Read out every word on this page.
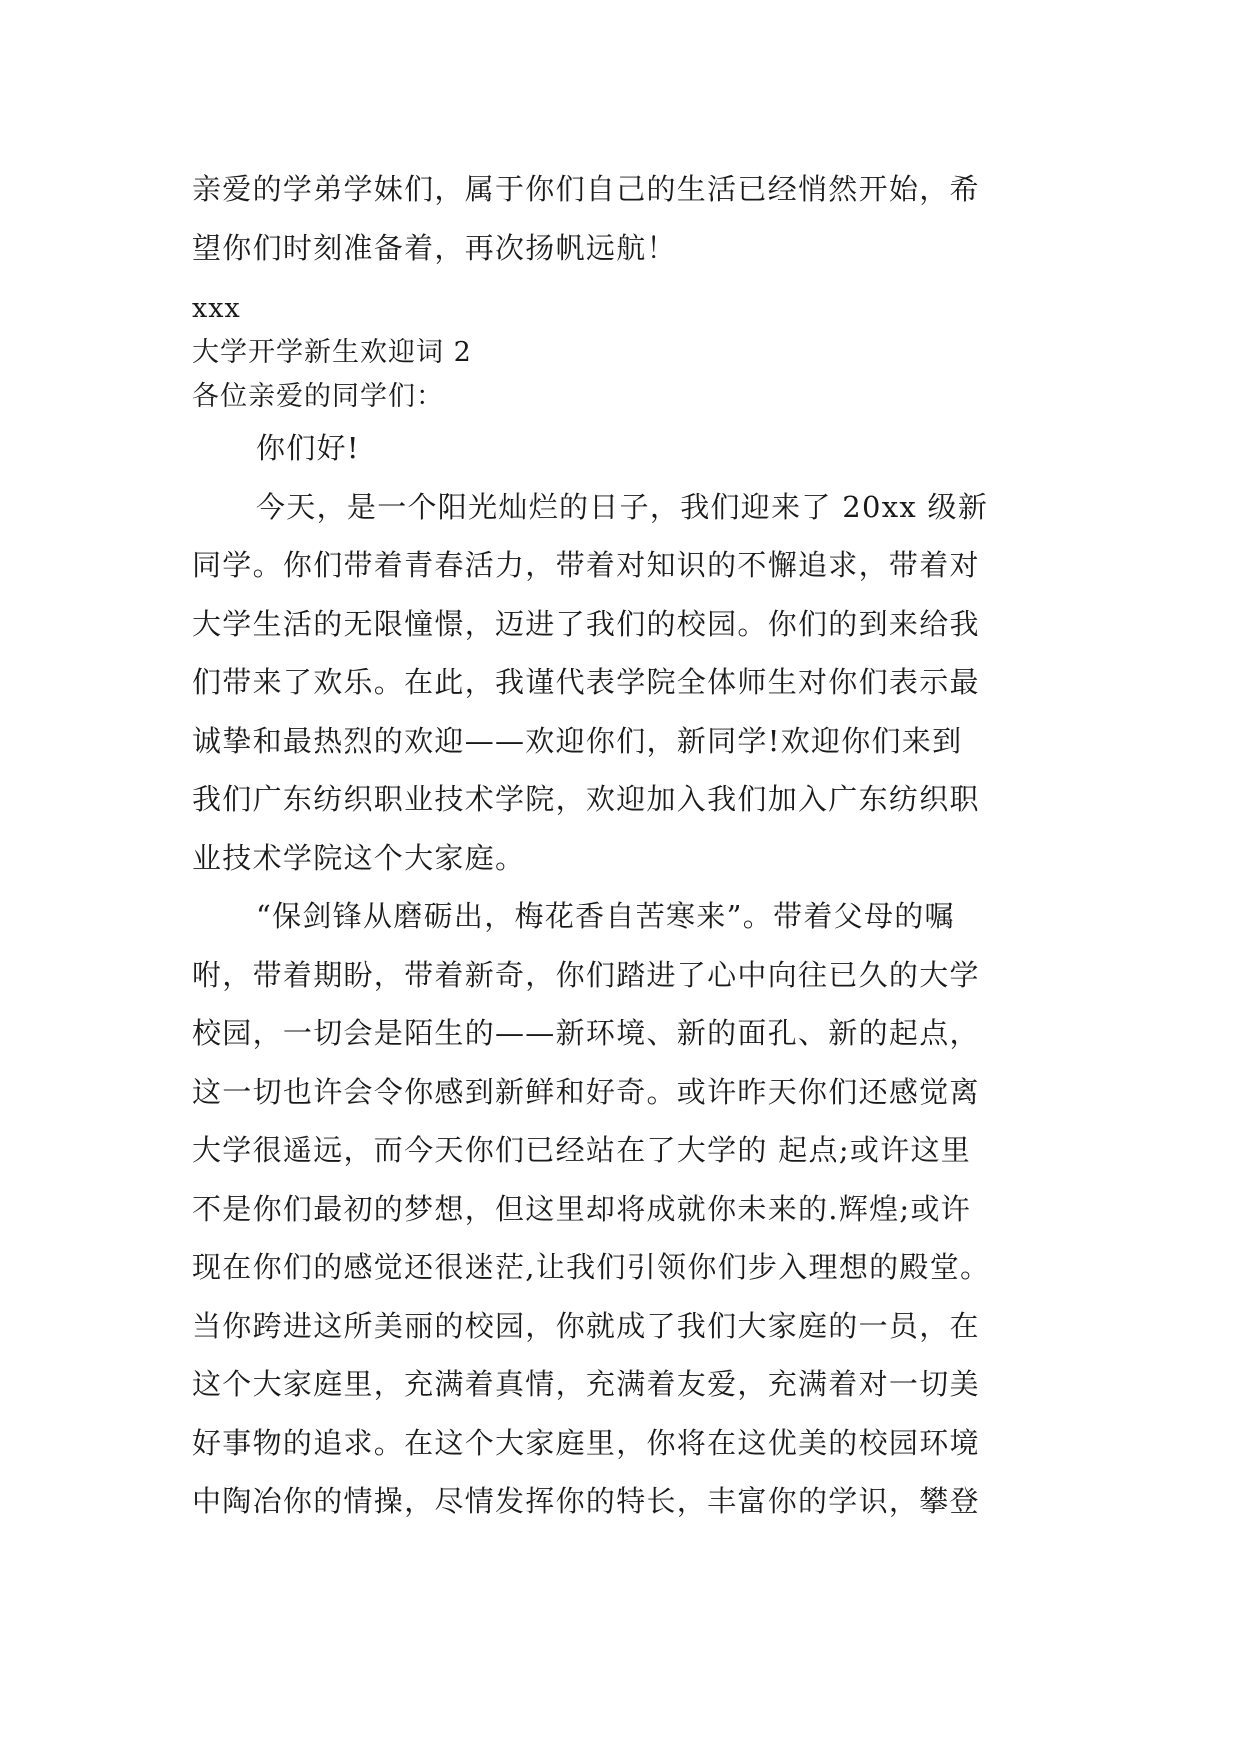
亲爱的学弟学妹们，属于你们自己的生活已经悄然开始，希
望你们时刻准备着，再次扬帆远航！
xxx
大学开学新生欢迎词 2
各位亲爱的同学们：
你们好!
今天，是一个阳光灿烂的日子，我们迎来了 20xx 级新
同学。你们带着青春活力，带着对知识的不懈追求，带着对
大学生活的无限憧憬，迈进了我们的校园。你们的到来给我
们带来了欢乐。在此，我谨代表学院全体师生对你们表示最
诚挚和最热烈的欢迎——欢迎你们，新同学!欢迎你们来到
我们广东纺织职业技术学院，欢迎加入我们加入广东纺织职
业技术学院这个大家庭。
“保剑锋从磨砺出，梅花香自苦寒来”。带着父母的嘱
咐，带着期盼，带着新奇，你们踏进了心中向往已久的大学
校园，一切会是陌生的——新环境、新的面孔、新的起点，
这一切也许会令你感到新鲜和好奇。或许昨天你们还感觉离
大学很遥远，而今天你们已经站在了大学的 起点;或许这里
不是你们最初的梦想，但这里却将成就你未来的.辉煌;或许
现在你们的感觉还很迷茫,让我们引领你们步入理想的殿堂。
当你跨进这所美丽的校园，你就成了我们大家庭的一员，在
这个大家庭里，充满着真情，充满着友爱，充满着对一切美
好事物的追求。在这个大家庭里，你将在这优美的校园环境
中陶冶你的情操，尽情发挥你的特长，丰富你的学识，攀登
